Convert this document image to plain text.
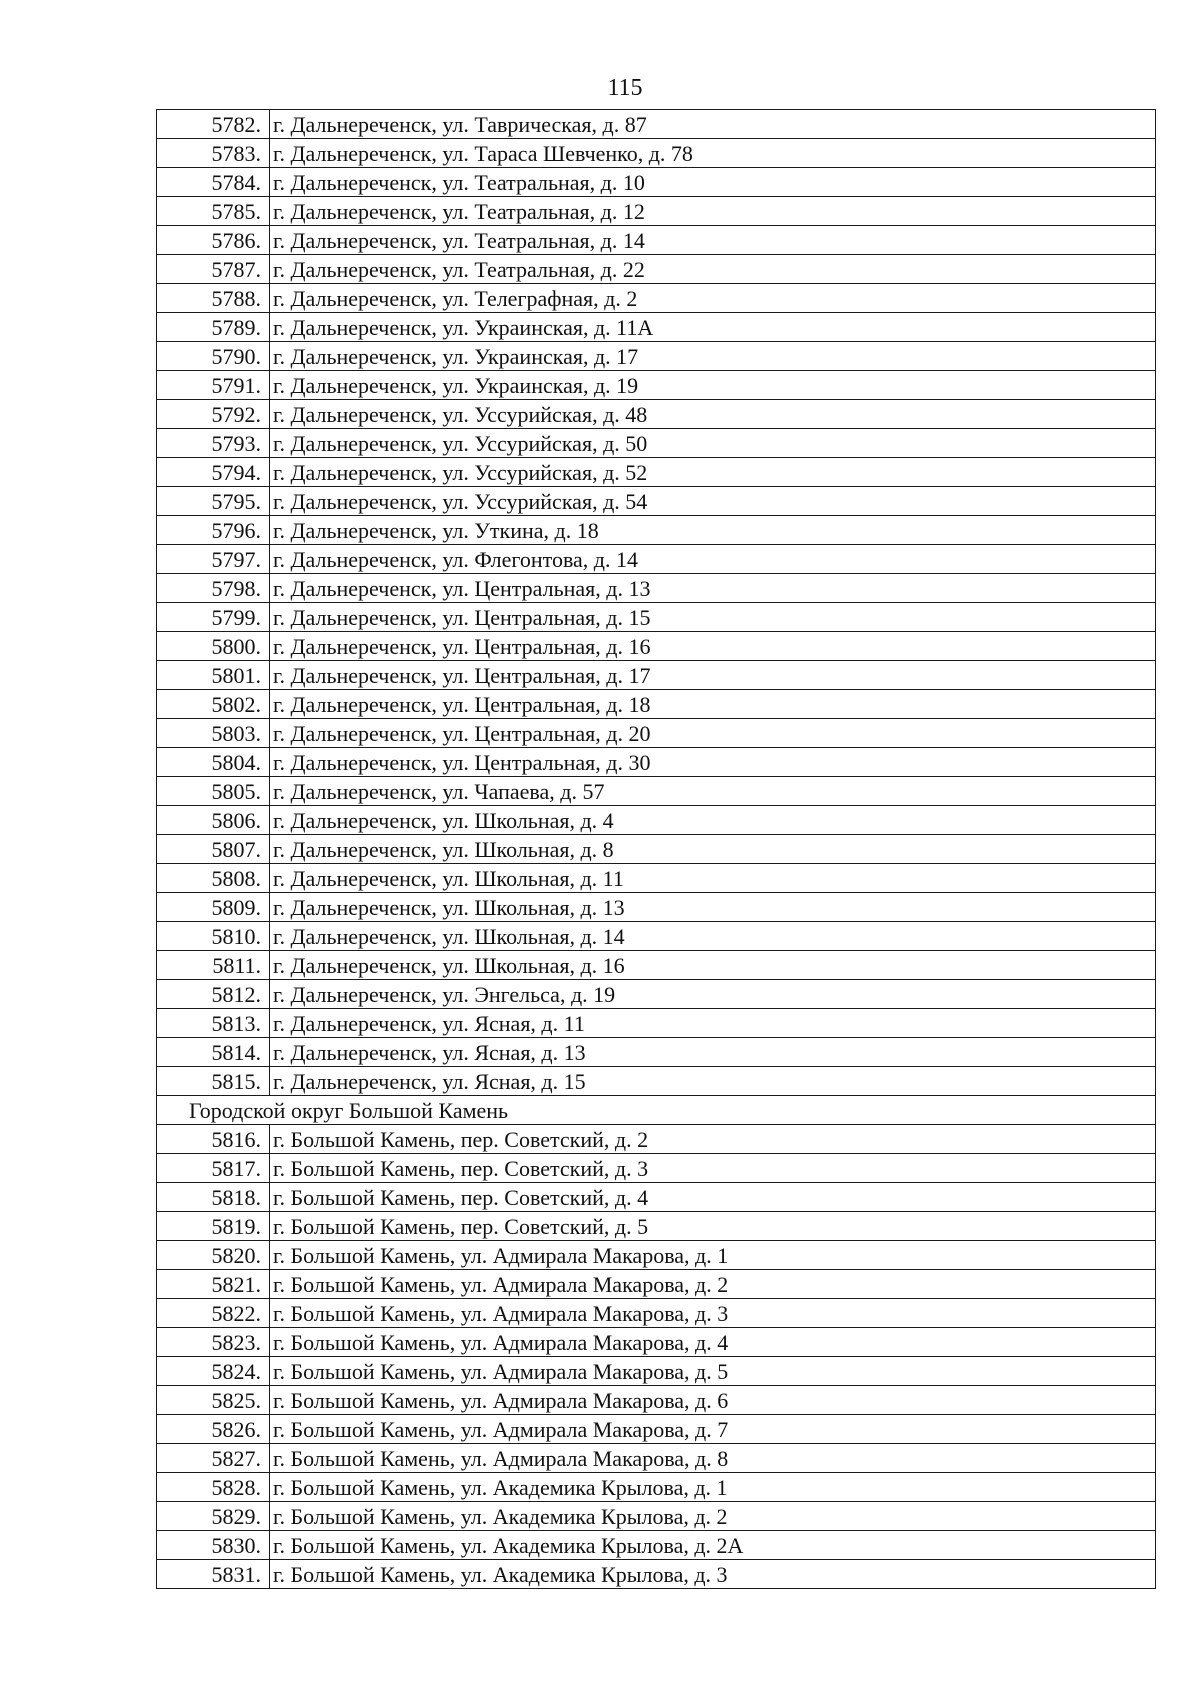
115
5782.	г. Дальнереченск, ул. Таврическая, д. 87
5783.	г. Дальнереченск, ул. Тараса Шевченко, д. 78
5784.	г. Дальнереченск, ул. Театральная, д. 10
5785.	г. Дальнереченск, ул. Театральная, д. 12
5786.	г. Дальнереченск, ул. Театральная, д. 14
5787.	г. Дальнереченск, ул. Театральная, д. 22
5788.	г. Дальнереченск, ул. Телеграфная, д. 2
5789.	г. Дальнереченск, ул. Украинская, д. 11А
5790.	г. Дальнереченск, ул. Украинская, д. 17
5791.	г. Дальнереченск, ул. Украинская, д. 19
5792.	г. Дальнереченск, ул. Уссурийская, д. 48
5793.	г. Дальнереченск, ул. Уссурийская, д. 50
5794.	г. Дальнереченск, ул. Уссурийская, д. 52
5795.	г. Дальнереченск, ул. Уссурийская, д. 54
5796.	г. Дальнереченск, ул. Уткина, д. 18
5797.	г. Дальнереченск, ул. Флегонтова, д. 14
5798.	г. Дальнереченск, ул. Центральная, д. 13
5799.	г. Дальнереченск, ул. Центральная, д. 15
5800.	г. Дальнереченск, ул. Центральная, д. 16
5801.	г. Дальнереченск, ул. Центральная, д. 17
5802.	г. Дальнереченск, ул. Центральная, д. 18
5803.	г. Дальнереченск, ул. Центральная, д. 20
5804.	г. Дальнереченск, ул. Центральная, д. 30
5805.	г. Дальнереченск, ул. Чапаева, д. 57
5806.	г. Дальнереченск, ул. Школьная, д. 4
5807.	г. Дальнереченск, ул. Школьная, д. 8
5808.	г. Дальнереченск, ул. Школьная, д. 11
5809.	г. Дальнереченск, ул. Школьная, д. 13
5810.	г. Дальнереченск, ул. Школьная, д. 14
5811.	г. Дальнереченск, ул. Школьная, д. 16
5812.	г. Дальнереченск, ул. Энгельса, д. 19
5813.	г. Дальнереченск, ул. Ясная, д. 11
5814.	г. Дальнереченск, ул. Ясная, д. 13
5815.	г. Дальнереченск, ул. Ясная, д. 15
Городской округ Большой Камень	
5816.	г. Большой Камень, пер. Советский, д. 2
5817.	г. Большой Камень, пер. Советский, д. 3
5818.	г. Большой Камень, пер. Советский, д. 4
5819.	г. Большой Камень, пер. Советский, д. 5
5820.	г. Большой Камень, ул. Адмирала Макарова, д. 1
5821.	г. Большой Камень, ул. Адмирала Макарова, д. 2
5822.	г. Большой Камень, ул. Адмирала Макарова, д. 3
5823.	г. Большой Камень, ул. Адмирала Макарова, д. 4
5824.	г. Большой Камень, ул. Адмирала Макарова, д. 5
5825.	г. Большой Камень, ул. Адмирала Макарова, д. 6
5826.	г. Большой Камень, ул. Адмирала Макарова, д. 7
5827.	г. Большой Камень, ул. Адмирала Макарова, д. 8
5828.	г. Большой Камень, ул. Академика Крылова, д. 1
5829.	г. Большой Камень, ул. Академика Крылова, д. 2
5830.	г. Большой Камень, ул. Академика Крылова, д. 2А
5831.	г. Большой Камень, ул. Академика Крылова, д. 3
